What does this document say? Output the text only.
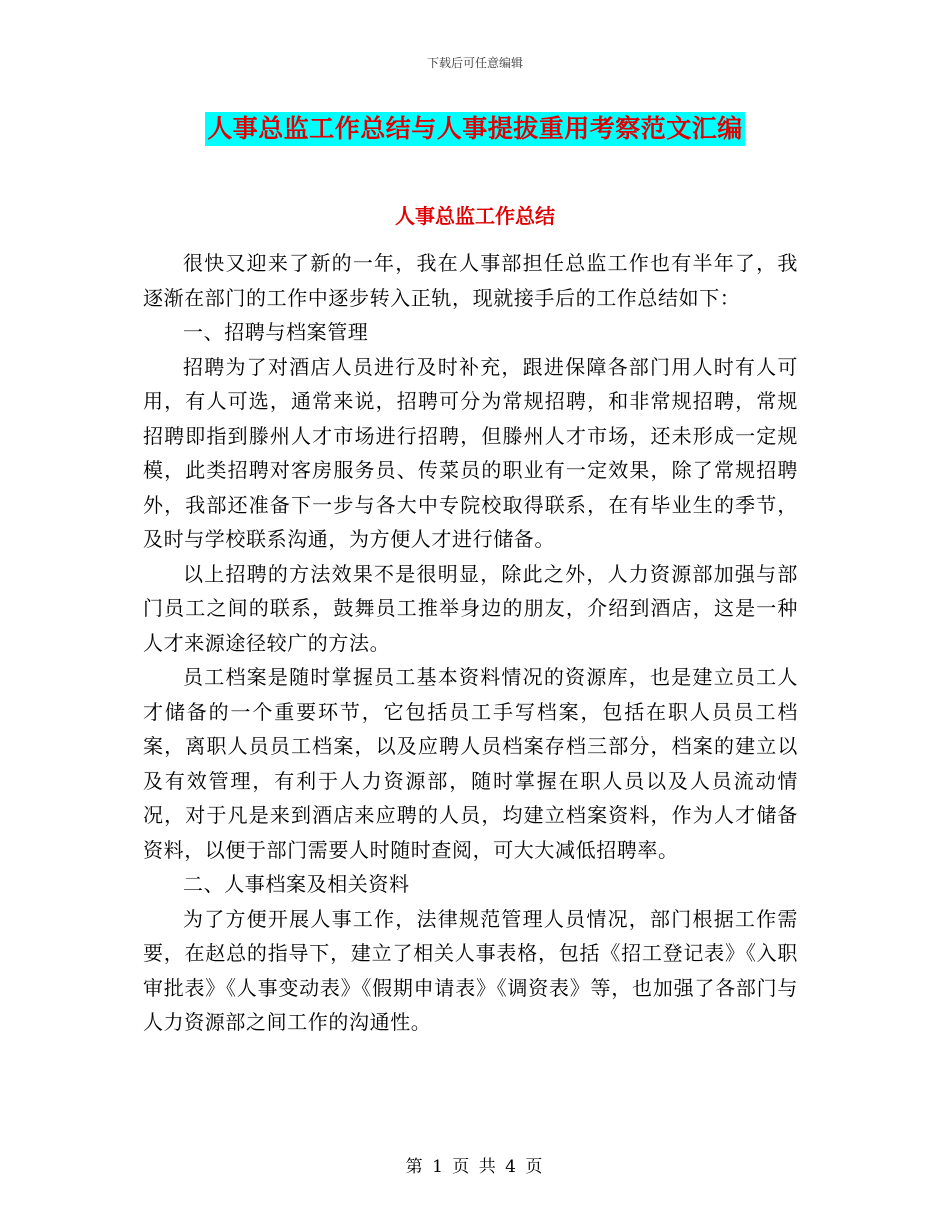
下载后可任意编辑
人事总监工作总结与人事提拔重用考察范文汇编
人事总监工作总结

很快又迎来了新的一年，我在人事部担任总监工作也有半年了，我逐渐在部门的工作中逐步转入正轨，现就接手后的工作总结如下：

一、招聘与档案管理

招聘为了对酒店人员进行及时补充，跟进保障各部门用人时有人可用，有人可选，通常来说，招聘可分为常规招聘，和非常规招聘，常规招聘即指到滕州人才市场进行招聘，但滕州人才市场，还未形成一定规模，此类招聘对客房服务员、传菜员的职业有一定效果，除了常规招聘外，我部还准备下一步与各大中专院校取得联系，在有毕业生的季节，及时与学校联系沟通，为方便人才进行储备。

以上招聘的方法效果不是很明显，除此之外，人力资源部加强与部门员工之间的联系，鼓舞员工推举身边的朋友，介绍到酒店，这是一种人才来源途径较广的方法。

员工档案是随时掌握员工基本资料情况的资源库，也是建立员工人才储备的一个重要环节，它包括员工手写档案，包括在职人员员工档案，离职人员员工档案，以及应聘人员档案存档三部分，档案的建立以及有效管理，有利于人力资源部，随时掌握在职人员以及人员流动情况，对于凡是来到酒店来应聘的人员，均建立档案资料，作为人才储备资料，以便于部门需要人时随时查阅，可大大减低招聘率。

二、人事档案及相关资料

为了方便开展人事工作，法律规范管理人员情况，部门根据工作需要，在赵总的指导下，建立了相关人事表格，包括《招工登记表》《入职审批表》《人事变动表》《假期申请表》《调资表》等，也加强了各部门与人力资源部之间工作的沟通性。

第 1 页 共 4 页
